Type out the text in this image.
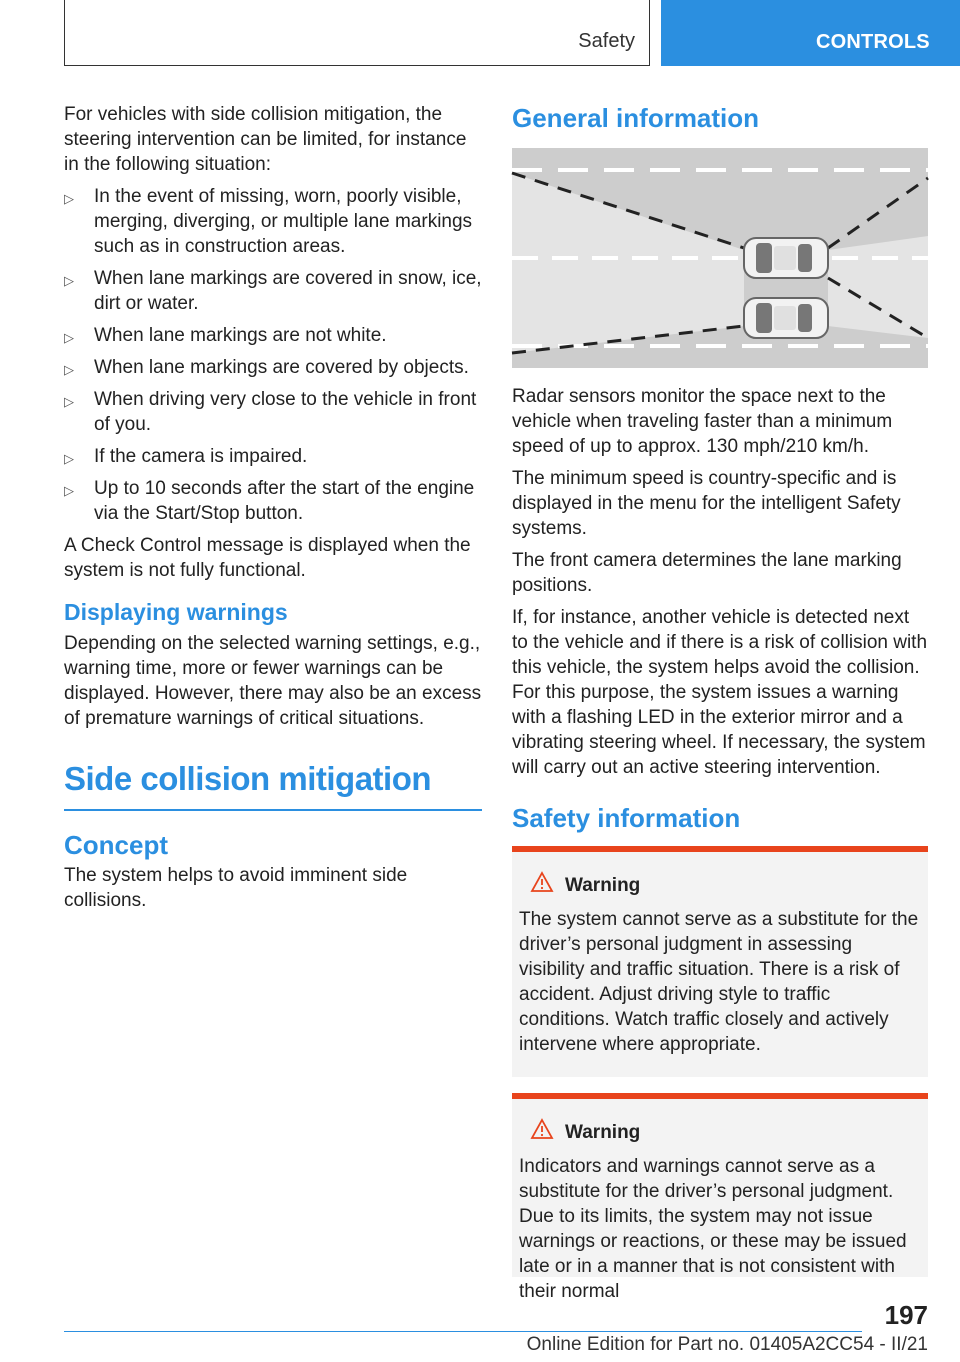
Safety	CONTROLS

For vehicles with side collision mitigation, the steering intervention can be limited, for instance in the following situation:

▷ In the event of missing, worn, poorly visible, merging, diverging, or multiple lane markings such as in construction areas.
▷ When lane markings are covered in snow, ice, dirt or water.
▷ When lane markings are not white.
▷ When lane markings are covered by objects.
▷ When driving very close to the vehicle in front of you.
▷ If the camera is impaired.
▷ Up to 10 seconds after the start of the engine via the Start/Stop button.

A Check Control message is displayed when the system is not fully functional.

Displaying warnings

Depending on the selected warning settings, e.g., warning time, more or fewer warnings can be displayed. However, there may also be an excess of premature warnings of critical situations.

Side collision mitigation
Concept

The system helps to avoid imminent side collisions.

General information

Radar sensors monitor the space next to the vehicle when traveling faster than a minimum speed of up to approx. 130 mph/210 km/h.

The minimum speed is country-specific and is displayed in the menu for the intelligent Safety systems.

The front camera determines the lane marking positions.

If, for instance, another vehicle is detected next to the vehicle and if there is a risk of collision with this vehicle, the system helps avoid the collision. For this purpose, the system issues a warning with a flashing LED in the exterior mirror and a vibrating steering wheel. If necessary, the system will carry out an active steering intervention.

Safety information
Warning

The system cannot serve as a substitute for the driver’s personal judgment in assessing visibility and traffic situation. There is a risk of accident. Adjust driving style to traffic conditions. Watch traffic closely and actively intervene where appropriate.

Warning

Indicators and warnings cannot serve as a substitute for the driver’s personal judgment. Due to its limits, the system may not issue warnings or reactions, or these may be issued late or in a manner that is not consistent with their normal

197
Online Edition for Part no. 01405A2CC54 - II/21
